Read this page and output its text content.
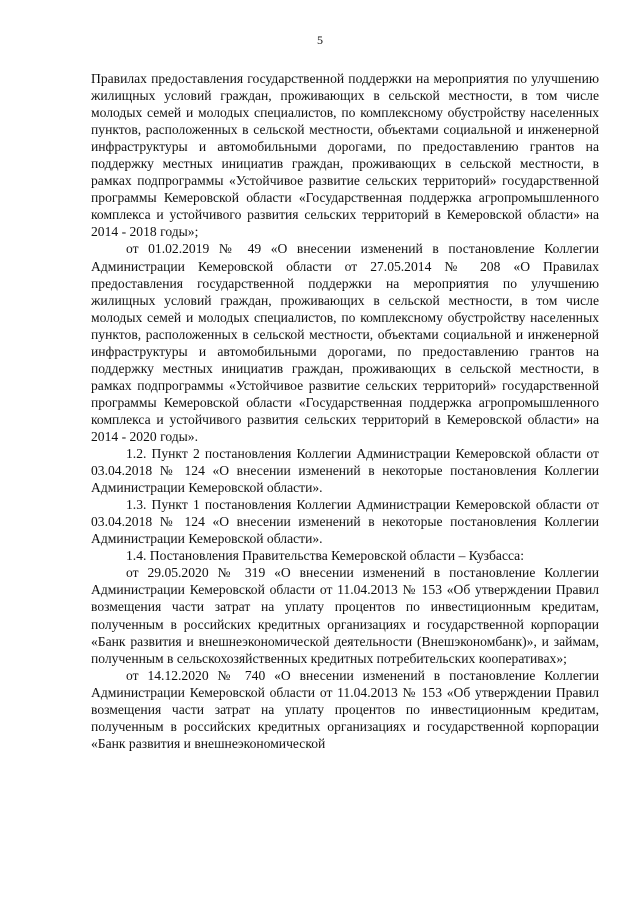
5

Правилах предоставления государственной поддержки на мероприятия по улучшению жилищных условий граждан, проживающих в сельской местности, в том числе молодых семей и молодых специалистов, по комплексному обустройству населенных пунктов, расположенных в сельской местности, объектами социальной и инженерной инфраструктуры и автомобильными дорогами, по предоставлению грантов на поддержку местных инициатив граждан, проживающих в сельской местности, в рамках подпрограммы «Устойчивое развитие сельских территорий» государственной программы Кемеровской области «Государственная поддержка агропромышленного комплекса и устойчивого развития сельских территорий в Кемеровской области» на 2014 - 2018 годы»;

от 01.02.2019 № 49 «О внесении изменений в постановление Коллегии Администрации Кемеровской области от 27.05.2014 № 208 «О Правилах предоставления государственной поддержки на мероприятия по улучшению жилищных условий граждан, проживающих в сельской местности, в том числе молодых семей и молодых специалистов, по комплексному обустройству населенных пунктов, расположенных в сельской местности, объектами социальной и инженерной инфраструктуры и автомобильными дорогами, по предоставлению грантов на поддержку местных инициатив граждан, проживающих в сельской местности, в рамках подпрограммы «Устойчивое развитие сельских территорий» государственной программы Кемеровской области «Государственная поддержка агропромышленного комплекса и устойчивого развития сельских территорий в Кемеровской области» на 2014 - 2020 годы».

1.2. Пункт 2 постановления Коллегии Администрации Кемеровской области от 03.04.2018 № 124 «О внесении изменений в некоторые постановления Коллегии Администрации Кемеровской области».

1.3. Пункт 1 постановления Коллегии Администрации Кемеровской области от 03.04.2018 № 124 «О внесении изменений в некоторые постановления Коллегии Администрации Кемеровской области».

1.4. Постановления Правительства Кемеровской области – Кузбасса:

от 29.05.2020 № 319 «О внесении изменений в постановление Коллегии Администрации Кемеровской области от 11.04.2013 № 153 «Об утверждении Правил возмещения части затрат на уплату процентов по инвестиционным кредитам, полученным в российских кредитных организациях и государственной корпорации «Банк развития и внешнеэкономической деятельности (Внешэкономбанк)», и займам, полученным в сельскохозяйственных кредитных потребительских кооперативах»;

от 14.12.2020 № 740 «О внесении изменений в постановление Коллегии Администрации Кемеровской области от 11.04.2013 № 153 «Об утверждении Правил возмещения части затрат на уплату процентов по инвестиционным кредитам, полученным в российских кредитных организациях и государственной корпорации «Банк развития и внешнеэкономической
